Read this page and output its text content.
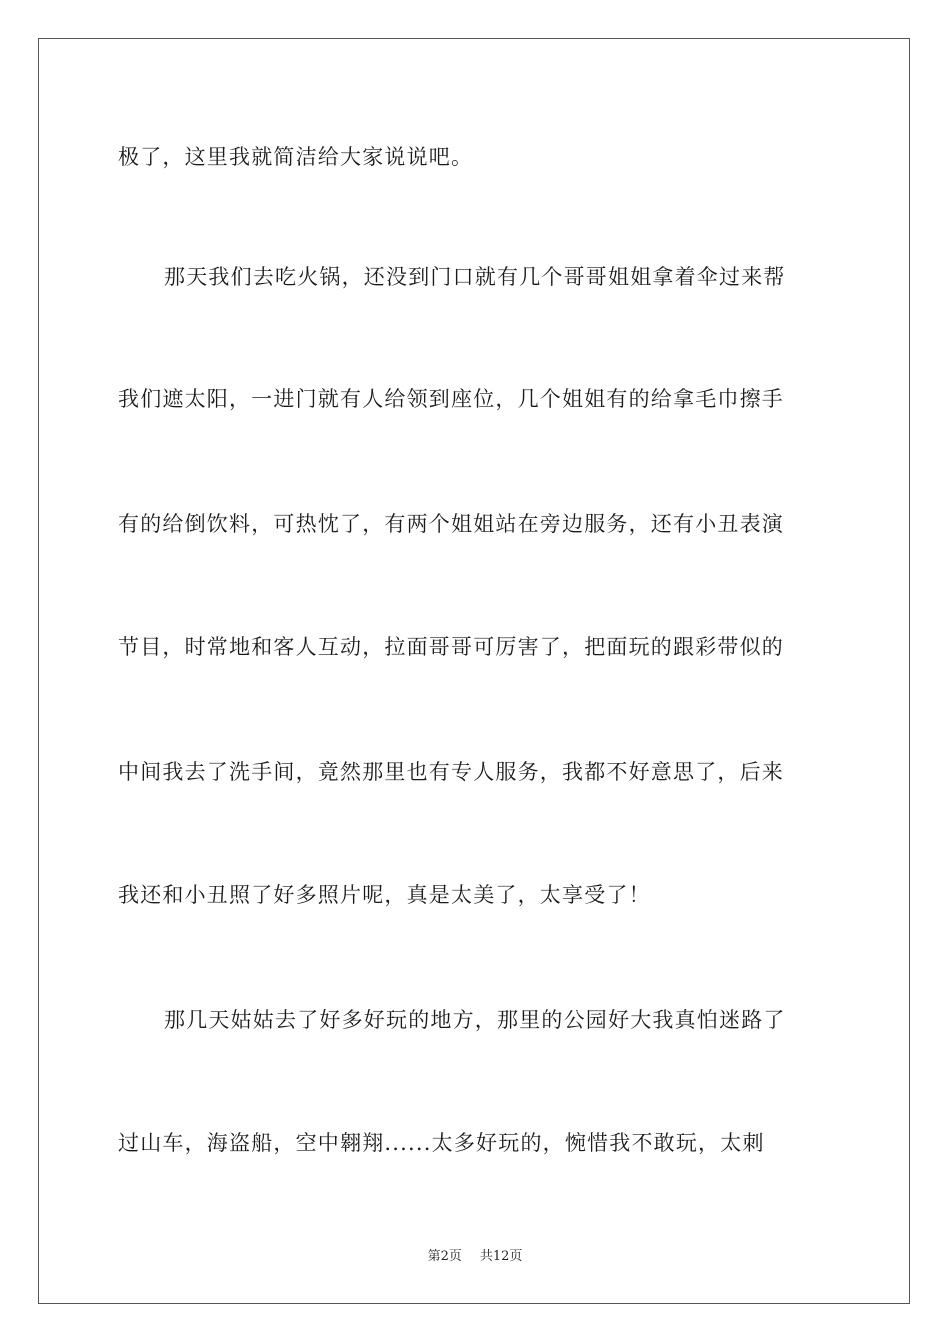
极了，这里我就简洁给大家说说吧。
那天我们去吃火锅，还没到门口就有几个哥哥姐姐拿着伞过来帮
我们遮太阳，一进门就有人给领到座位，几个姐姐有的给拿毛巾擦手
有的给倒饮料，可热忱了，有两个姐姐站在旁边服务，还有小丑表演
节目，时常地和客人互动，拉面哥哥可厉害了，把面玩的跟彩带似的
中间我去了洗手间，竟然那里也有专人服务，我都不好意思了，后来
我还和小丑照了好多照片呢，真是太美了，太享受了！
那几天姑姑去了好多好玩的地方，那里的公园好大我真怕迷路了
过山车，海盗船，空中翱翔......太多好玩的，惋惜我不敢玩，太刺
第2页 共12页
